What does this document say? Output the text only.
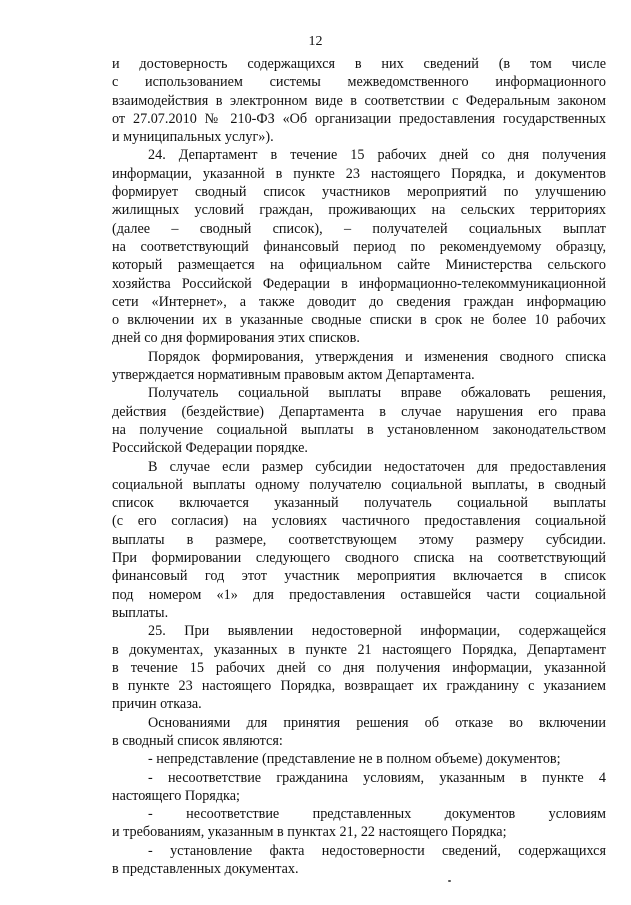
12
и достоверность содержащихся в них сведений (в том числе
с использованием системы межведомственного информационного
взаимодействия в электронном виде в соответствии с Федеральным законом
от 27.07.2010 № 210-ФЗ «Об организации предоставления государственных
и муниципальных услуг»).
24. Департамент в течение 15 рабочих дней со дня получения
информации, указанной в пункте 23 настоящего Порядка, и документов
формирует сводный список участников мероприятий по улучшению
жилищных условий граждан, проживающих на сельских территориях
(далее – сводный список), – получателей социальных выплат
на соответствующий финансовый период по рекомендуемому образцу,
который размещается на официальном сайте Министерства сельского
хозяйства Российской Федерации в информационно-телекоммуникационной
сети «Интернет», а также доводит до сведения граждан информацию
о включении их в указанные сводные списки в срок не более 10 рабочих
дней со дня формирования этих списков.
Порядок формирования, утверждения и изменения сводного списка
утверждается нормативным правовым актом Департамента.
Получатель социальной выплаты вправе обжаловать решения,
действия (бездействие) Департамента в случае нарушения его права
на получение социальной выплаты в установленном законодательством
Российской Федерации порядке.
В случае если размер субсидии недостаточен для предоставления
социальной выплаты одному получателю социальной выплаты, в сводный
список включается указанный получатель социальной выплаты
(с его согласия) на условиях частичного предоставления социальной
выплаты в размере, соответствующем этому размеру субсидии.
При формировании следующего сводного списка на соответствующий
финансовый год этот участник мероприятия включается в список
под номером «1» для предоставления оставшейся части социальной
выплаты.
25. При выявлении недостоверной информации, содержащейся
в документах, указанных в пункте 21 настоящего Порядка, Департамент
в течение 15 рабочих дней со дня получения информации, указанной
в пункте 23 настоящего Порядка, возвращает их гражданину с указанием
причин отказа.
Основаниями для принятия решения об отказе во включении
в сводный список являются:
- непредставление (представление не в полном объеме) документов;
- несоответствие гражданина условиям, указанным в пункте 4
настоящего Порядка;
- несоответствие представленных документов условиям
и требованиям, указанным в пунктах 21, 22 настоящего Порядка;
- установление факта недостоверности сведений, содержащихся
в представленных документах.
